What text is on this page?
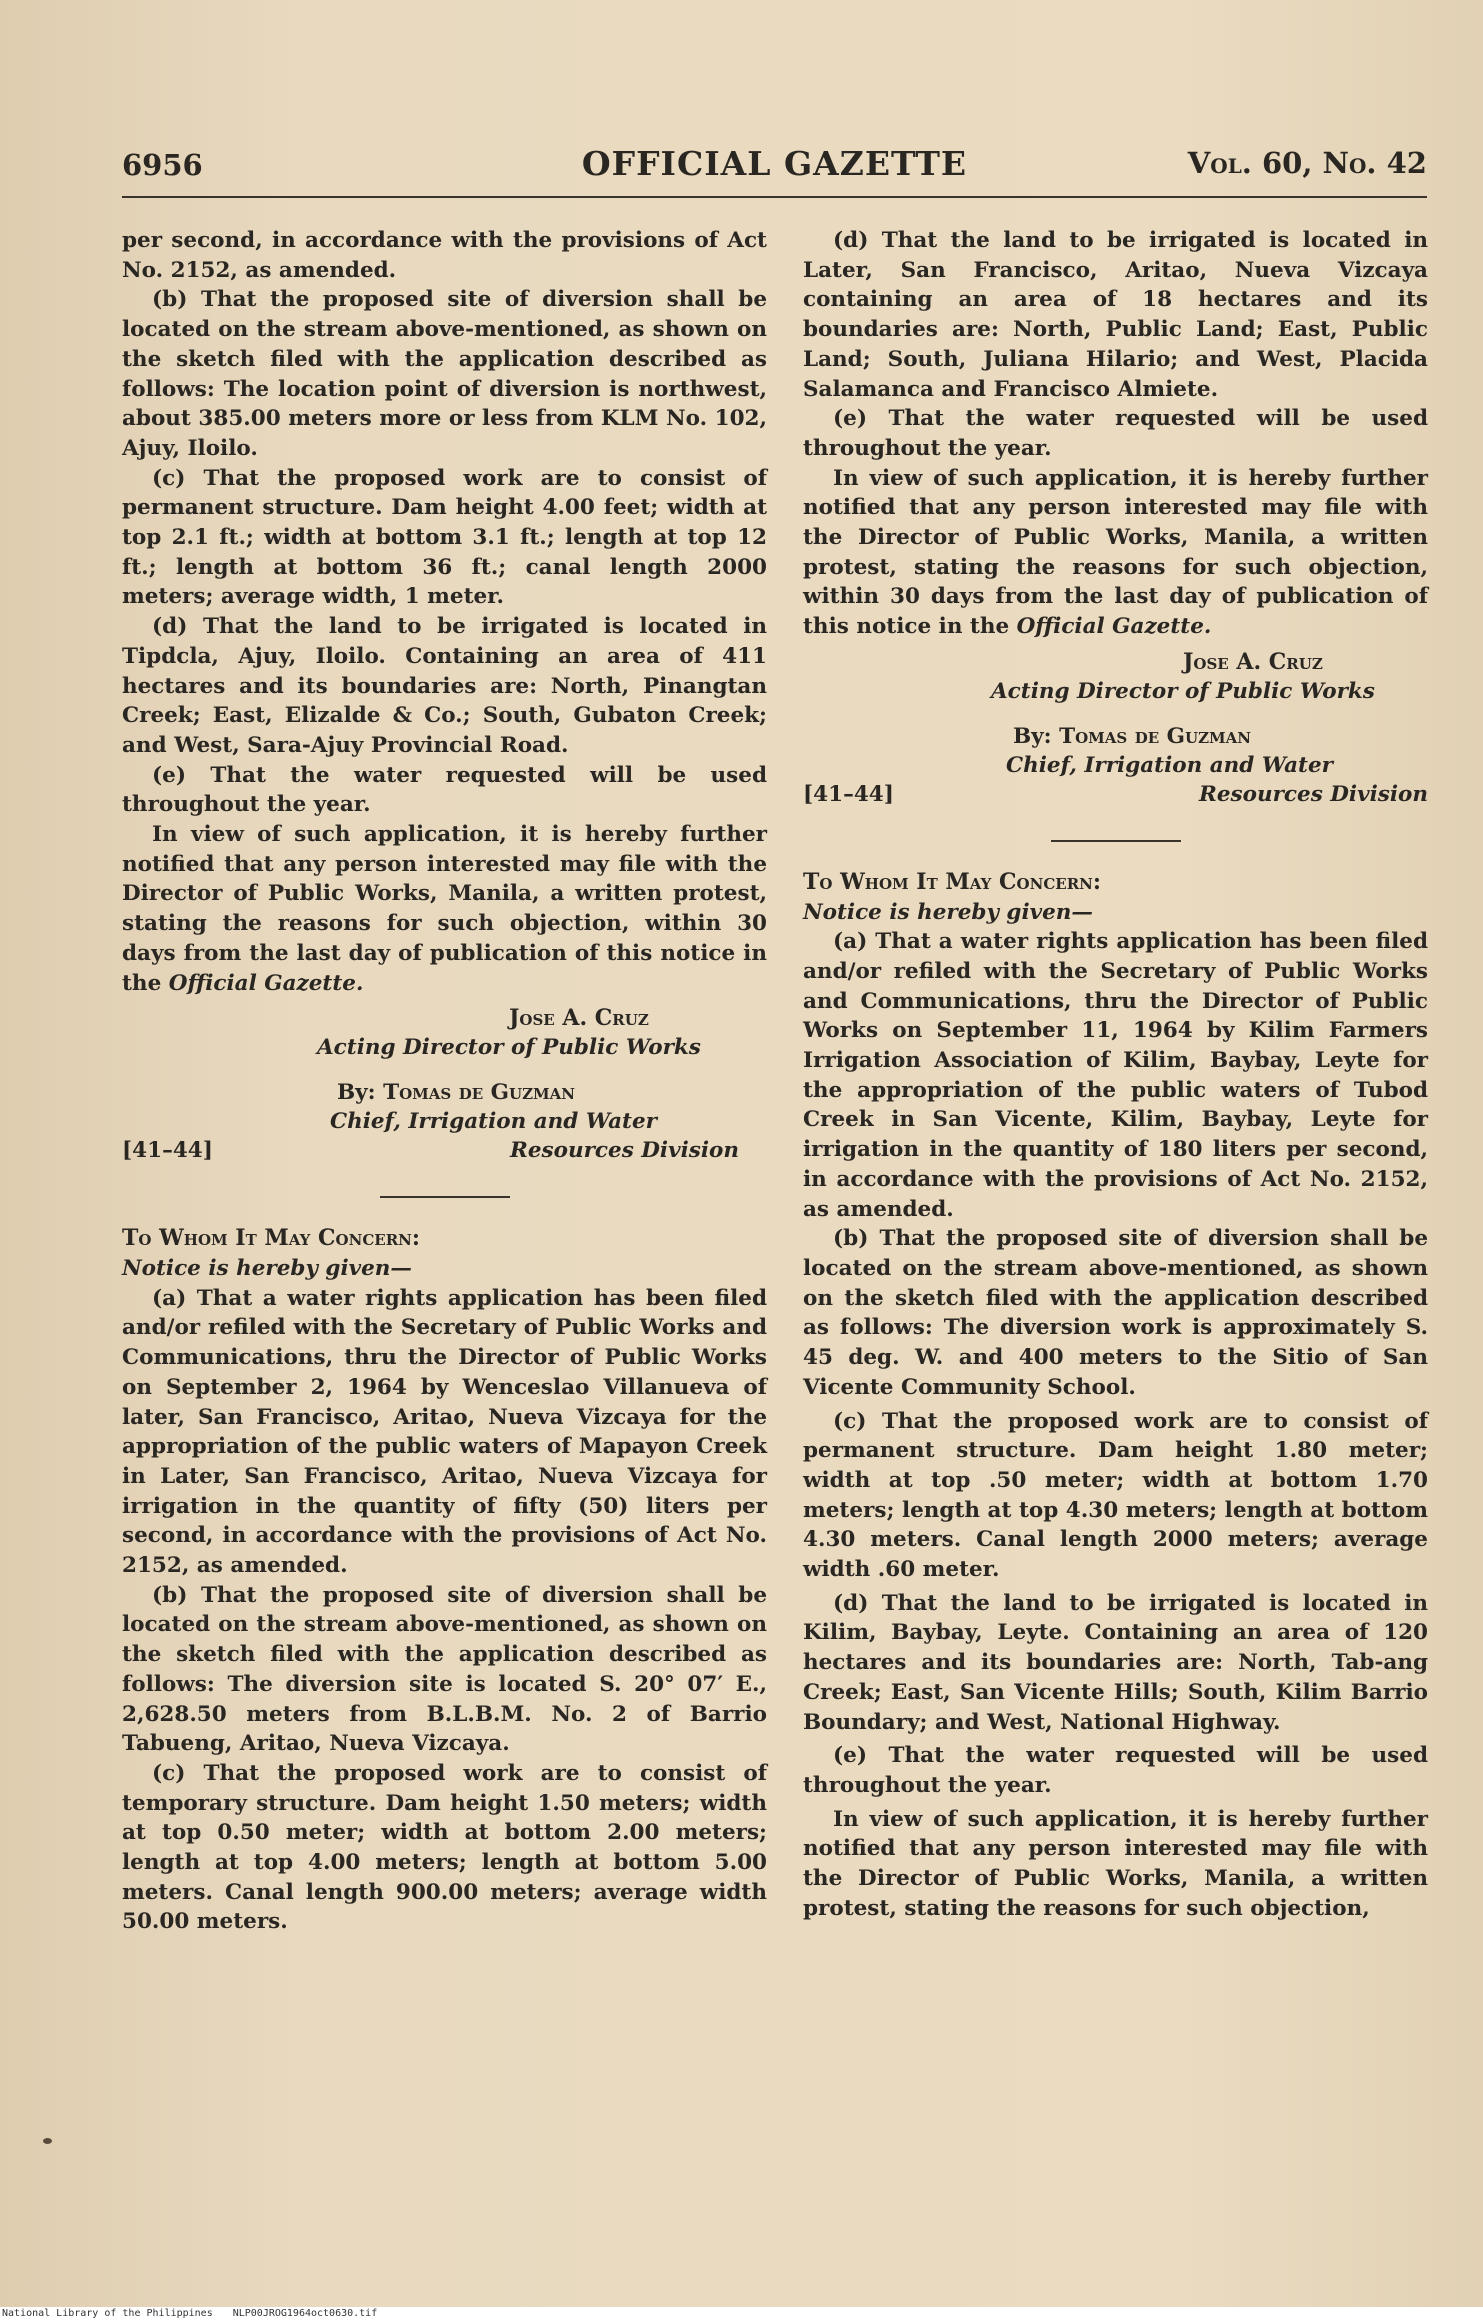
6956	OFFICIAL GAZETTE	Vol. 60, No. 42

per second, in accordance with the provisions of Act No. 2152, as amended.

(b) That the proposed site of diversion shall be located on the stream above-mentioned, as shown on the sketch filed with the application described as follows: The location point of diversion is northwest, about 385.00 meters more or less from KLM No. 102, Ajuy, Iloilo.

(c) That the proposed work are to consist of permanent structure. Dam height 4.00 feet; width at top 2.1 ft.; width at bottom 3.1 ft.; length at top 12 ft.; length at bottom 36 ft.; canal length 2000 meters; average width, 1 meter.

(d) That the land to be irrigated is located in Tipdcla, Ajuy, Iloilo. Containing an area of 411 hectares and its boundaries are: North, Pinangtan Creek; East, Elizalde & Co.; South, Gubaton Creek; and West, Sara-Ajuy Provincial Road.

(e) That the water requested will be used throughout the year.

In view of such application, it is hereby further notified that any person interested may file with the Director of Public Works, Manila, a written protest, stating the reasons for such objection, within 30 days from the last day of publication of this notice in the Official Gazette.

Jose A. Cruz
Acting Director of Public Works
By: Tomas de Guzman
Chief, Irrigation and Water
[41–44]	Resources Division

To Whom It May Concern:

Notice is hereby given—

(a) That a water rights application has been filed and/or refiled with the Secretary of Public Works and Communications, thru the Director of Public Works on September 2, 1964 by Wenceslao Villanueva of later, San Francisco, Aritao, Nueva Vizcaya for the appropriation of the public waters of Mapayon Creek in Later, San Francisco, Aritao, Nueva Vizcaya for irrigation in the quantity of fifty (50) liters per second, in accordance with the provisions of Act No. 2152, as amended.

(b) That the proposed site of diversion shall be located on the stream above-mentioned, as shown on the sketch filed with the application described as follows: The diversion site is located S. 20° 07′ E., 2,628.50 meters from B.L.B.M. No. 2 of Barrio Tabueng, Aritao, Nueva Vizcaya.

(c) That the proposed work are to consist of temporary structure. Dam height 1.50 meters; width at top 0.50 meter; width at bottom 2.00 meters; length at top 4.00 meters; length at bottom 5.00 meters. Canal length 900.00 meters; average width 50.00 meters.

(d) That the land to be irrigated is located in Later, San Francisco, Aritao, Nueva Vizcaya containing an area of 18 hectares and its boundaries are: North, Public Land; East, Public Land; South, Juliana Hilario; and West, Placida Salamanca and Francisco Almiete.

(e) That the water requested will be used throughout the year.

In view of such application, it is hereby further notified that any person interested may file with the Director of Public Works, Manila, a written protest, stating the reasons for such objection, within 30 days from the last day of publication of this notice in the Official Gazette.

Jose A. Cruz
Acting Director of Public Works
By: Tomas de Guzman
Chief, Irrigation and Water
[41–44]	Resources Division

To Whom It May Concern:

Notice is hereby given—

(a) That a water rights application has been filed and/or refiled with the Secretary of Public Works and Communications, thru the Director of Public Works on September 11, 1964 by Kilim Farmers Irrigation Association of Kilim, Baybay, Leyte for the appropriation of the public waters of Tubod Creek in San Vicente, Kilim, Baybay, Leyte for irrigation in the quantity of 180 liters per second, in accordance with the provisions of Act No. 2152, as amended.

(b) That the proposed site of diversion shall be located on the stream above-mentioned, as shown on the sketch filed with the application described as follows: The diversion work is approximately S. 45 deg. W. and 400 meters to the Sitio of San Vicente Community School.

(c) That the proposed work are to consist of permanent structure. Dam height 1.80 meter; width at top .50 meter; width at bottom 1.70 meters; length at top 4.30 meters; length at bottom 4.30 meters. Canal length 2000 meters; average width .60 meter.

(d) That the land to be irrigated is located in Kilim, Baybay, Leyte. Containing an area of 120 hectares and its boundaries are: North, Tab-ang Creek; East, San Vicente Hills; South, Kilim Barrio Boundary; and West, National Highway.

(e) That the water requested will be used throughout the year.

In view of such application, it is hereby further notified that any person interested may file with the Director of Public Works, Manila, a written protest, stating the reasons for such objection,

National Library of the Philippines NLP00JROG1964oct0630.tif
